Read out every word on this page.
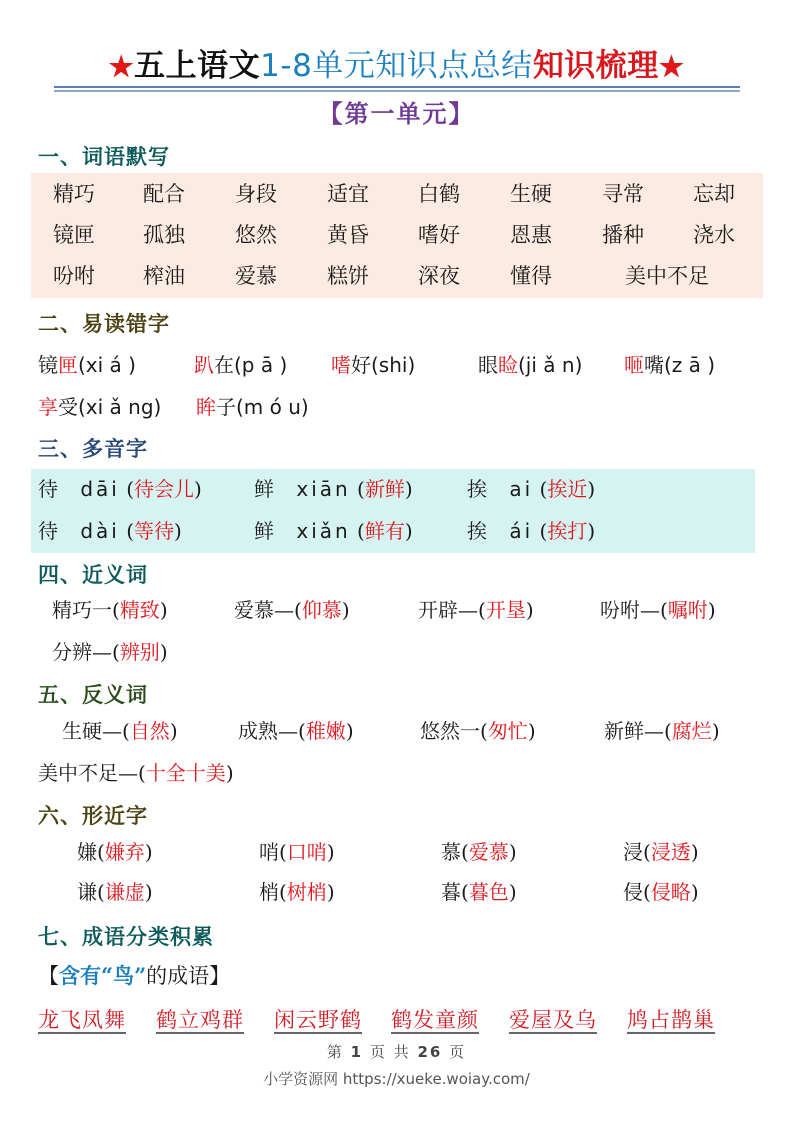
★五上语文1-8单元知识点总结知识梳理★
【第一单元】
一、词语默写
精巧 配合 身段 适宜 白鹤 生硬 寻常 忘却
镜匣 孤独 悠然 黄昏 嗜好 恩惠 播种 浇水
吩咐 榨油 爱慕 糕饼 深夜 懂得	美中不足
二、易读错字
镜匣(xi á )	趴在(p ā ) 嗜好(shi)	眼睑(ji ǎ n) 咂嘴(z ā )
享受(xi ǎ ng) 眸子(m ó u)
三、多音字
待 dāi (待会儿)	鲜 xiān (新鲜)	挨 ai (挨近)
待 dài (等待)	鲜 xiǎn (鲜有)	挨 ái (挨打)
四、近义词
精巧一(精致)	爱慕—(仰慕)	开辟—(开垦)	吩咐—(嘱咐)
分辨—(辨别)
五、反义词
生硬—(自然)	成熟—(稚嫩)	悠然一(匆忙)	新鲜—(腐烂)
美中不足—(十全十美)
六、形近字
嫌(嫌弃)	哨(口哨)	慕(爱慕)	浸(浸透)
谦(谦虚)	梢(树梢)	暮(暮色)	侵(侵略)
七、成语分类积累
【含有“鸟”的成语】
龙飞凤舞 鹤立鸡群 闲云野鹤 鹤发童颜 爱屋及乌 鸠占鹊巢
第 1 页 共 26 页
小学资源网 https://xueke.woiay.com/
